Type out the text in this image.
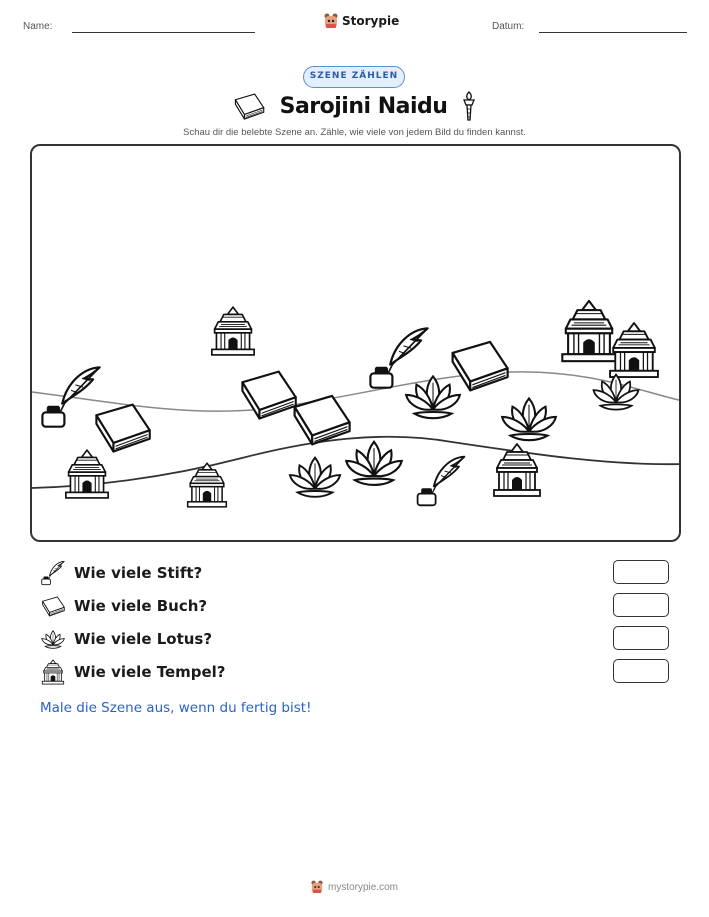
Name:	Storypie	Datum:
SZENE ZÄHLEN
Sarojini Naidu
Schau dir die belebte Szene an. Zähle, wie viele von jedem Bild du finden kannst.
Wie viele Stift?
Wie viele Buch?
Wie viele Lotus?
Wie viele Tempel?
Male die Szene aus, wenn du fertig bist!
mystorypie.com
